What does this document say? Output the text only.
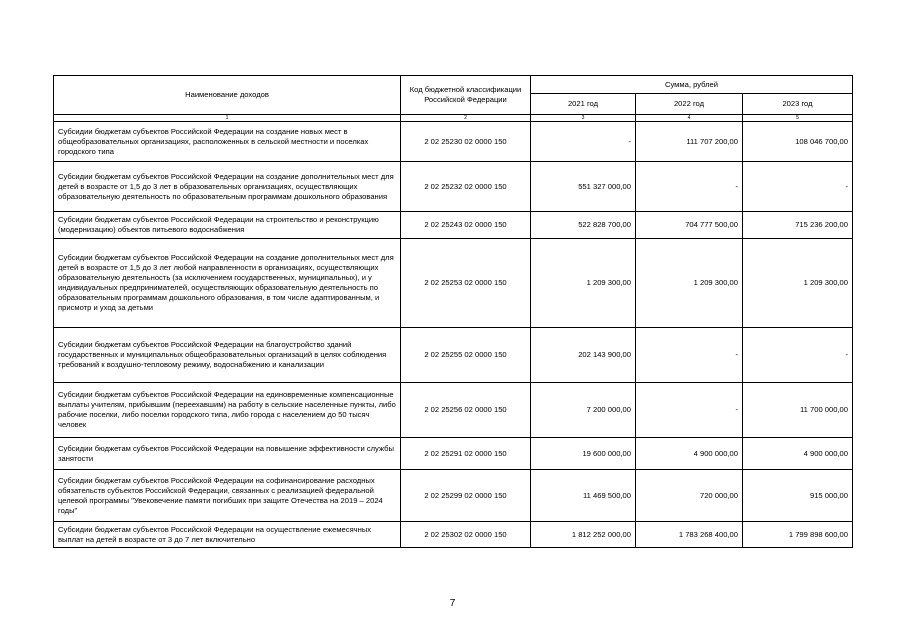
Наименование доходов	Код бюджетной классификации Российской Федерации	Сумма, рублей		
		2021 год	2022 год	2023 год
1	2	3	4	5
Субсидии бюджетам субъектов Российской Федерации на создание новых мест в общеобразовательных организациях, расположенных в сельской местности и поселках городского типа	2 02 25230 02 0000 150	-	111 707 200,00	108 046 700,00
Субсидии бюджетам субъектов Российской Федерации на создание дополнительных мест для детей в возрасте от 1,5 до 3 лет в образовательных организациях, осуществляющих образовательную деятельность по образовательным программам дошкольного образования	2 02 25232 02 0000 150	551 327 000,00	-	-
Субсидии бюджетам субъектов Российской Федерации на строительство и реконструкцию (модернизацию) объектов питьевого водоснабжения	2 02 25243 02 0000 150	522 828 700,00	704 777 500,00	715 236 200,00
Субсидии бюджетам субъектов Российской Федерации на создание дополнительных мест для детей в возрасте от 1,5 до 3 лет любой направленности в организациях, осуществляющих образовательную деятельность (за исключением государственных, муниципальных), и у индивидуальных предпринимателей, осуществляющих образовательную деятельность по образовательным программам дошкольного образования, в том числе адаптированным, и присмотр и уход за детьми	2 02 25253 02 0000 150	1 209 300,00	1 209 300,00	1 209 300,00
Субсидии бюджетам субъектов Российской Федерации на благоустройство зданий государственных и муниципальных общеобразовательных организаций в целях соблюдения требований к воздушно-тепловому режиму, водоснабжению и канализации	2 02 25255 02 0000 150	202 143 900,00	-	-
Субсидии бюджетам субъектов Российской Федерации на единовременные компенсационные выплаты учителям, прибывшим (переехавшим) на работу в сельские населенные пункты, либо рабочие поселки, либо поселки городского типа, либо города с населением до 50 тысяч человек	2 02 25256 02 0000 150	7 200 000,00	-	11 700 000,00
Субсидии бюджетам субъектов Российской Федерации на повышение эффективности службы занятости	2 02 25291 02 0000 150	19 600 000,00	4 900 000,00	4 900 000,00
Субсидии бюджетам субъектов Российской Федерации на софинансирование расходных обязательств субъектов Российской Федерации, связанных с реализацией федеральной целевой программы "Увековечение памяти погибших при защите Отечества на 2019 – 2024 годы"	2 02 25299 02 0000 150	11 469 500,00	720 000,00	915 000,00
Субсидии бюджетам субъектов Российской Федерации на осуществление ежемесячных выплат на детей в возрасте от 3 до 7 лет включительно	2 02 25302 02 0000 150	1 812 252 000,00	1 783 268 400,00	1 799 898 600,00
7
